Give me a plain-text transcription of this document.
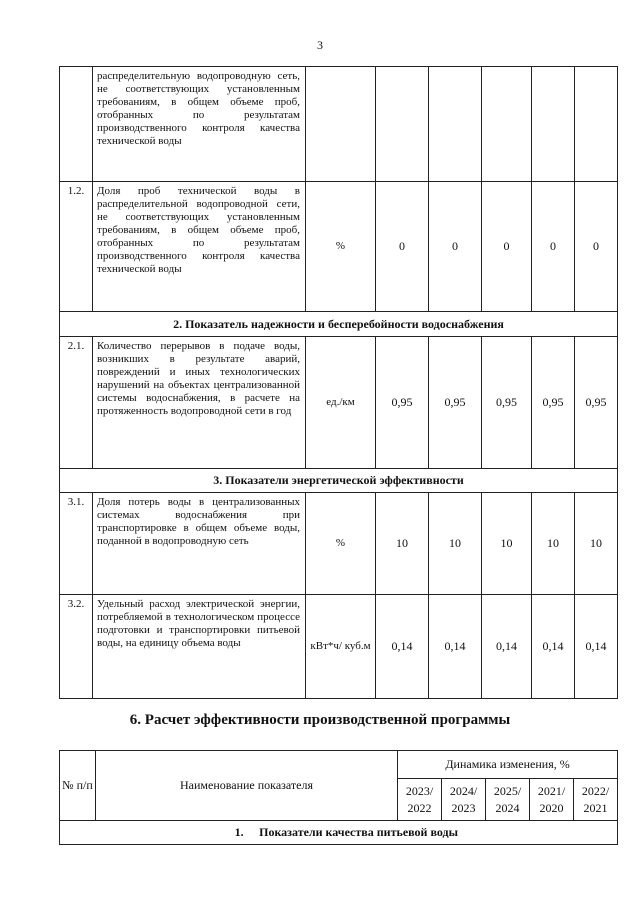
3
	распределительную водопроводную сеть, не соответствующих установленным требованиям, в общем объеме проб, отобранных по результатам производственного контроля качества технической воды						
1.2.	Доля проб технической воды в распределительной водопроводной сети, не соответствующих установленным требованиям, в общем объеме проб, отобранных по результатам производственного контроля качества технической воды	%	0	0	0	0	0
2. Показатель надежности и бесперебойности водоснабжения							
2.1.	Количество перерывов в подаче воды, возникших в результате аварий, повреждений и иных технологических нарушений на объектах централизованной системы водоснабжения, в расчете на протяженность водопроводной сети в год	ед./км	0,95	0,95	0,95	0,95	0,95
3. Показатели энергетической эффективности							
3.1.	Доля потерь воды в централизованных системах водоснабжения при транспортировке в общем объеме воды, поданной в водопроводную сеть	%	10	10	10	10	10
3.2.	Удельный расход электрической энергии, потребляемой в технологическом процессе подготовки и транспортировки питьевой воды, на единицу объема воды	кВт*ч/ куб.м	0,14	0,14	0,14	0,14	0,14
6. Расчет эффективности производственной программы
№ п/п	Наименование показателя	Динамика изменения, %				
		2023/ 2022	2024/ 2023	2025/ 2024	2021/ 2020	2022/ 2021
1. Показатели качества питьевой воды						
